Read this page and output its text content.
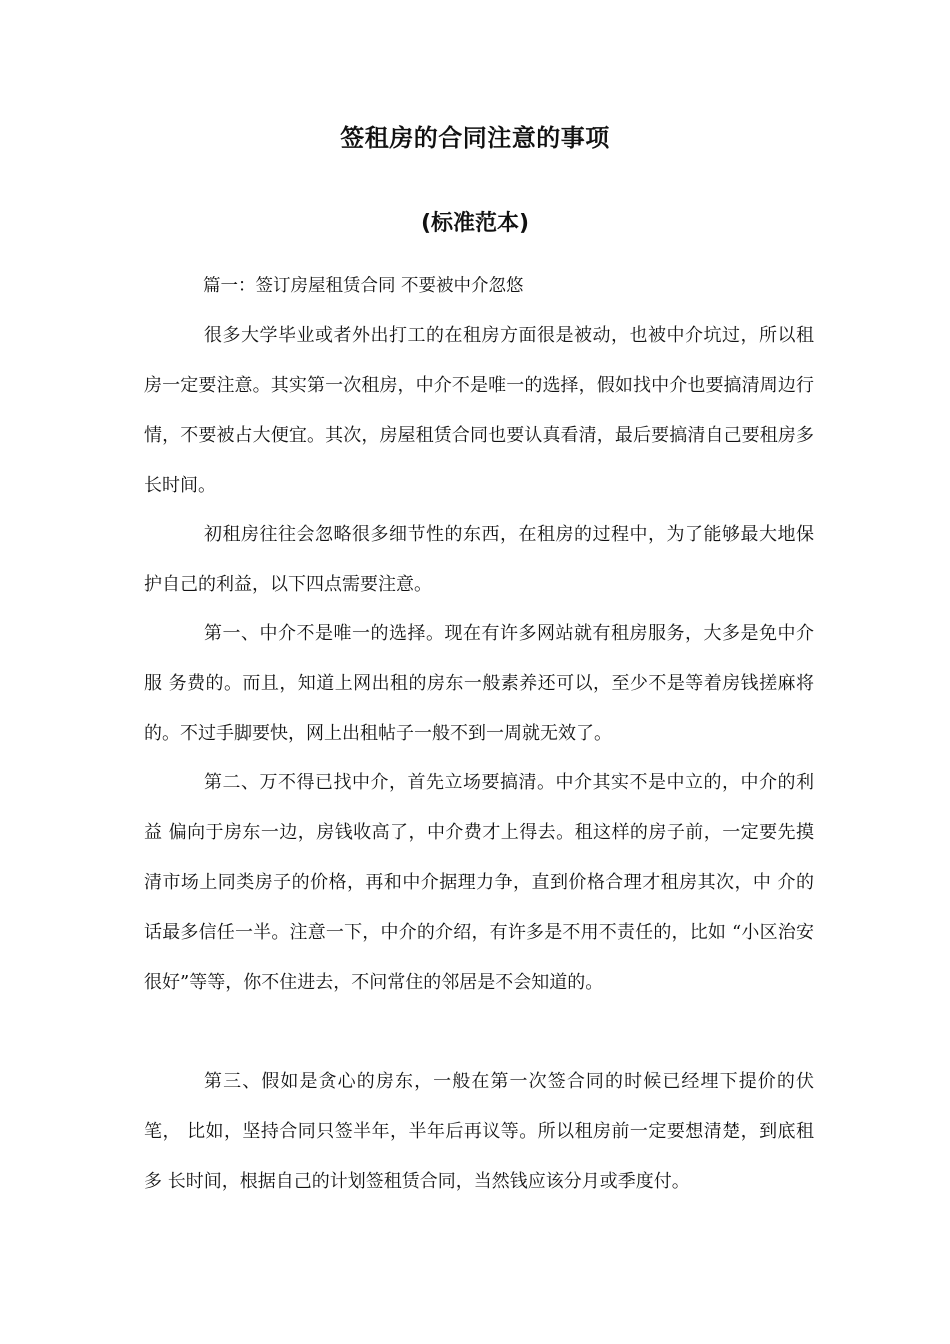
签租房的合同注意的事项
(标准范本)

篇一：签订房屋租赁合同 不要被中介忽悠

很多大学毕业或者外出打工的在租房方面很是被动，也被中介坑过，所以租房一定要注意。其实第一次租房，中介不是唯一的选择，假如找中介也要搞清周边行情，不要被占大便宜。其次，房屋租赁合同也要认真看清，最后要搞清自己要租房多长时间。

初租房往往会忽略很多细节性的东西，在租房的过程中，为了能够最大地保护自己的利益，以下四点需要注意。

第一、中介不是唯一的选择。现在有许多网站就有租房服务，大多是免中介服 务费的。而且，知道上网出租的房东一般素养还可以，至少不是等着房钱搓麻将的。不过手脚要快，网上出租帖子一般不到一周就无效了。

第二、万不得已找中介，首先立场要搞清。中介其实不是中立的，中介的利益 偏向于房东一边，房钱收高了，中介费才上得去。租这样的房子前，一定要先摸清市场上同类房子的价格，再和中介据理力争，直到价格合理才租房其次，中 介的话最多信任一半。注意一下，中介的介绍，有许多是不用不责任的，比如 “小区治安很好”等等，你不住进去，不问常住的邻居是不会知道的。

第三、假如是贪心的房东，一般在第一次签合同的时候已经埋下提价的伏笔， 比如，坚持合同只签半年，半年后再议等。所以租房前一定要想清楚，到底租多 长时间，根据自己的计划签租赁合同，当然钱应该分月或季度付。
